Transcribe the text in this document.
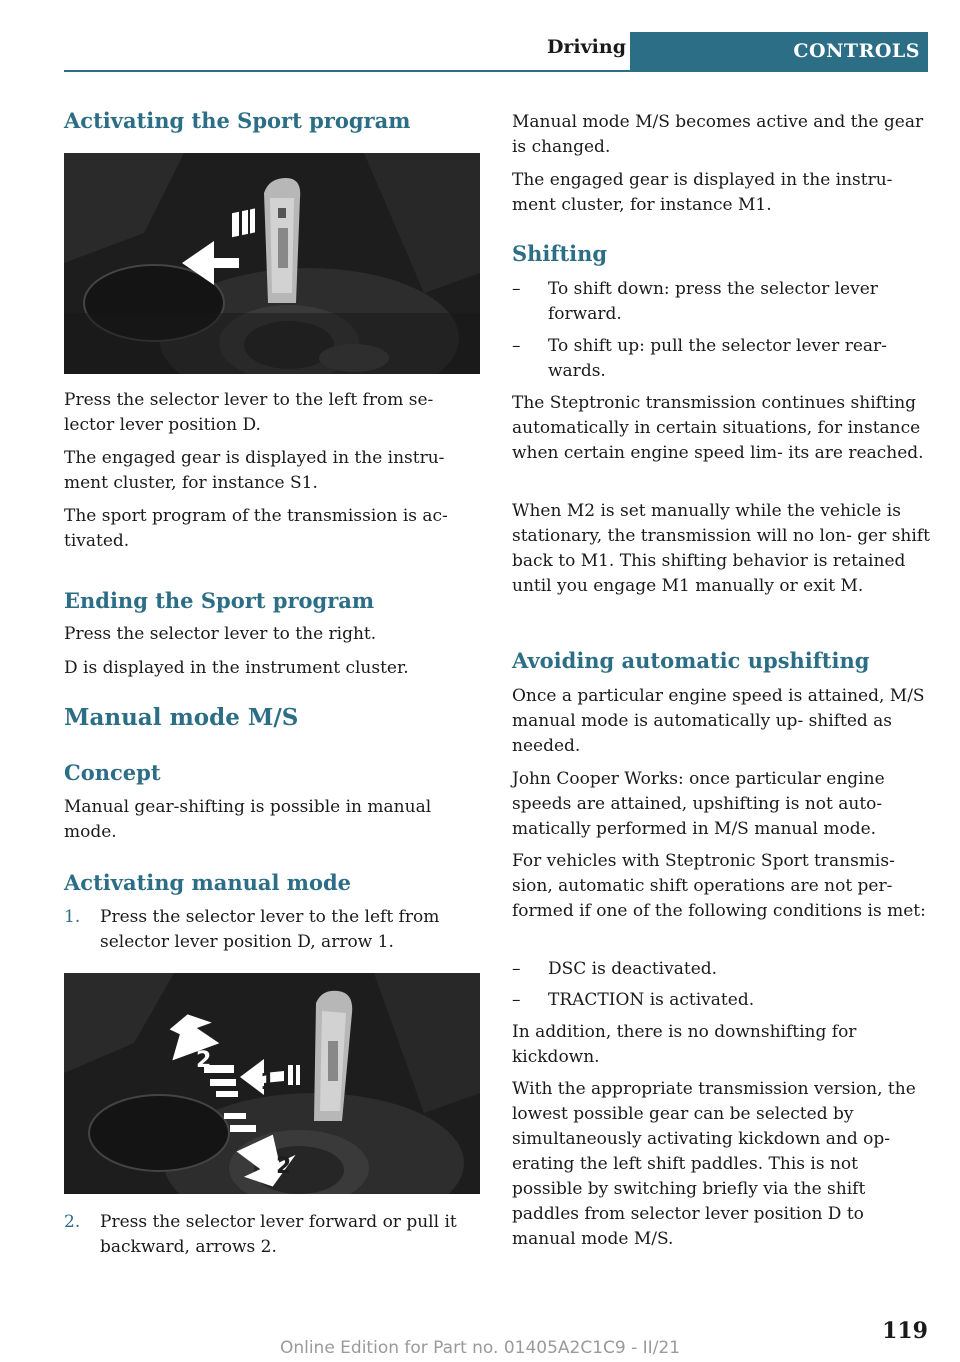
Driving	CONTROLS
Activating the Sport program

Press the selector lever to the left from se‐ lector lever position D.

The engaged gear is displayed in the instru‐ ment cluster, for instance S1.

The sport program of the transmission is ac‐ tivated.

Ending the Sport program

Press the selector lever to the right.

D is displayed in the instrument cluster.

Manual mode M/S
Concept

Manual gear-shifting is possible in manual mode.

Activating manual mode
1. Press the selector lever to the left from selector lever position D, arrow 1.
1
2
2
2. Press the selector lever forward or pull it backward, arrows 2.

Manual mode M/S becomes active and the gear is changed.

The engaged gear is displayed in the instru‐ ment cluster, for instance M1.

Shifting
– To shift down: press the selector lever forward.
– To shift up: pull the selector lever rear‐ wards.

The Steptronic transmission continues shifting automatically in certain situations, for instance when certain engine speed lim‐ its are reached.

When M2 is set manually while the vehicle is stationary, the transmission will no lon‐ ger shift back to M1. This shifting behavior is retained until you engage M1 manually or exit M.

Avoiding automatic upshifting

Once a particular engine speed is attained, M/S manual mode is automatically up‐ shifted as needed.

John Cooper Works: once particular engine speeds are attained, upshifting is not auto‐ matically performed in M/S manual mode.

For vehicles with Steptronic Sport transmis‐ sion, automatic shift operations are not per‐ formed if one of the following conditions is met:

– DSC is deactivated.
– TRACTION is activated.

In addition, there is no downshifting for kickdown.

With the appropriate transmission version, the lowest possible gear can be selected by simultaneously activating kickdown and op‐ erating the left shift paddles. This is not possible by switching briefly via the shift paddles from selector lever position D to manual mode M/S.

119
Online Edition for Part no. 01405A2C1C9 - II/21
